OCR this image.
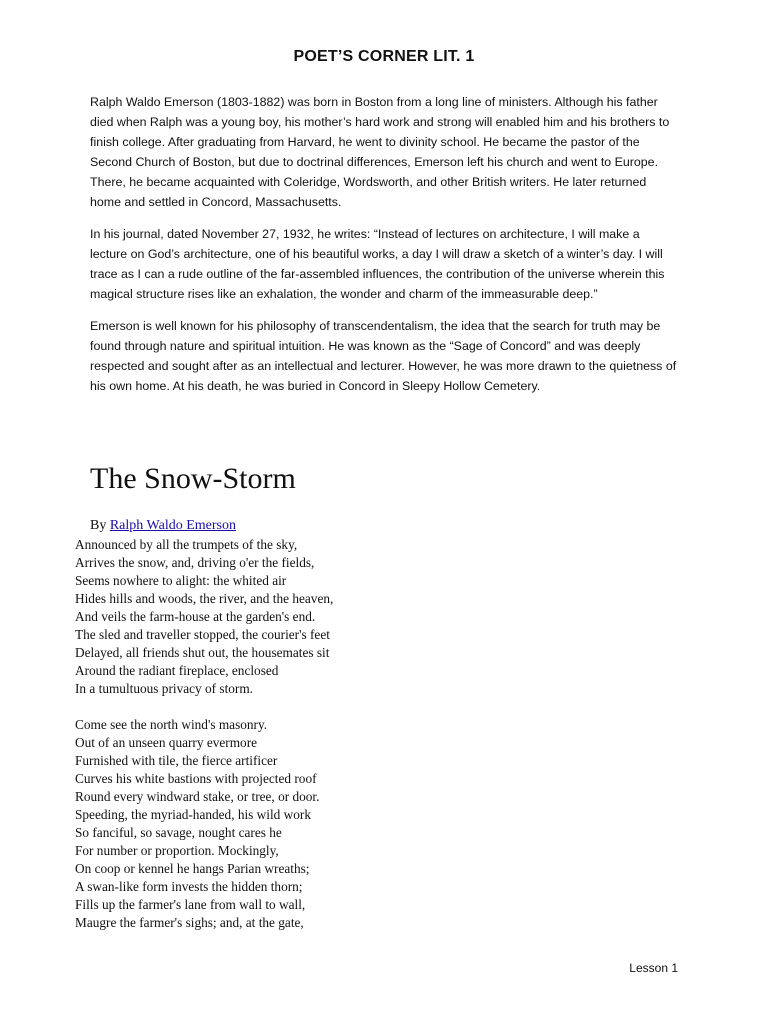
POET’S CORNER LIT. 1

Ralph Waldo Emerson (1803-1882) was born in Boston from a long line of ministers. Although his father died when Ralph was a young boy, his mother’s hard work and strong will enabled him and his brothers to finish college. After graduating from Harvard, he went to divinity school. He became the pastor of the Second Church of Boston, but due to doctrinal differences, Emerson left his church and went to Europe. There, he became acquainted with Coleridge, Wordsworth, and other British writers. He later returned home and settled in Concord, Massachusetts.

In his journal, dated November 27, 1932, he writes: “Instead of lectures on architecture, I will make a lecture on God’s architecture, one of his beautiful works, a day I will draw a sketch of a winter’s day. I will trace as I can a rude outline of the far-assembled influences, the contribution of the universe wherein this magical structure rises like an exhalation, the wonder and charm of the immeasurable deep.”

Emerson is well known for his philosophy of transcendentalism, the idea that the search for truth may be found through nature and spiritual intuition. He was known as the “Sage of Concord” and was deeply respected and sought after as an intellectual and lecturer. However, he was more drawn to the quietness of his own home. At his death, he was buried in Concord in Sleepy Hollow Cemetery.

The Snow-Storm
By Ralph Waldo Emerson
Announced by all the trumpets of the sky,
Arrives the snow, and, driving o'er the fields,
Seems nowhere to alight: the whited air
Hides hills and woods, the river, and the heaven,
And veils the farm-house at the garden's end.
The sled and traveller stopped, the courier's feet
Delayed, all friends shut out, the housemates sit
Around the radiant fireplace, enclosed
In a tumultuous privacy of storm.
Come see the north wind's masonry.
Out of an unseen quarry evermore
Furnished with tile, the fierce artificer
Curves his white bastions with projected roof
Round every windward stake, or tree, or door.
Speeding, the myriad-handed, his wild work
So fanciful, so savage, nought cares he
For number or proportion. Mockingly,
On coop or kennel he hangs Parian wreaths;
A swan-like form invests the hidden thorn;
Fills up the farmer's lane from wall to wall,
Maugre the farmer's sighs; and, at the gate,
Lesson 1
